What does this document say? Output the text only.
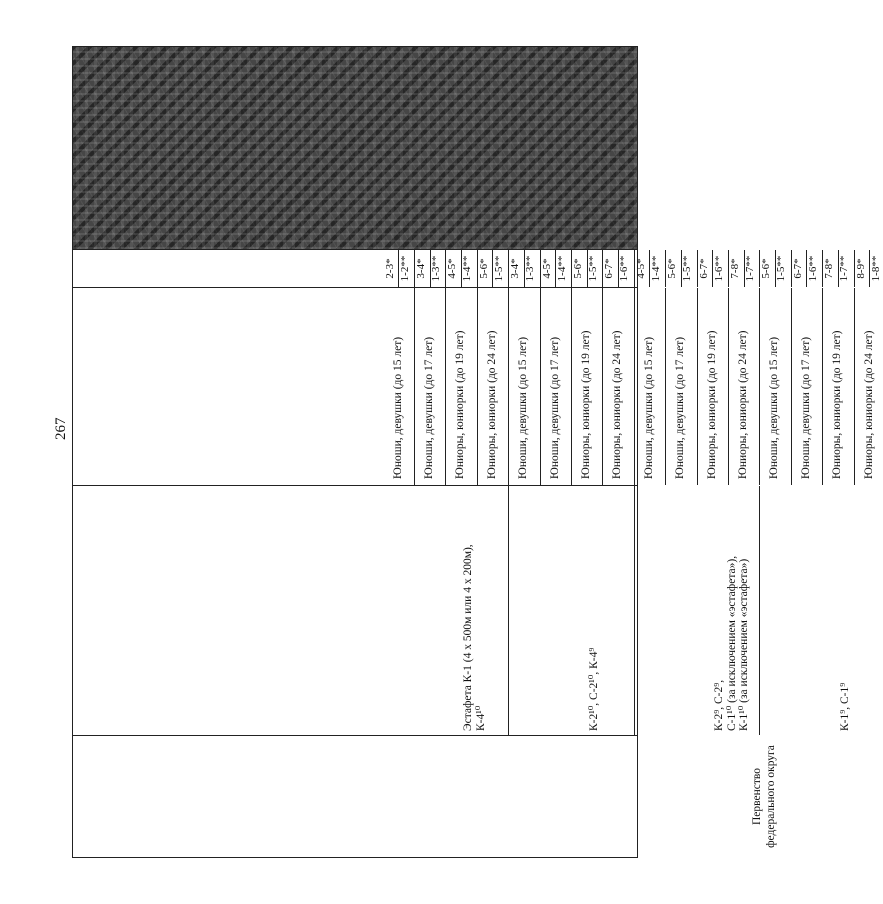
267
Первенство федерального округа
К-1⁹, С-1⁹
К-2⁹, С-2⁹,
С-1¹⁰ (за исключением «эстафета»),
К-1¹⁰ (за исключением «эстафета»)
К-2¹⁰, С-2¹⁰, К-4⁹
Эстафета К-1 (4 х 500м или 4 х 200м),
К-4¹⁰
Юниоры, юниорки (до 24 лет)
Юниоры, юниорки (до 19 лет)
Юноши, девушки (до 17 лет)
Юноши, девушки (до 15 лет)
Юниоры, юниорки (до 24 лет)
Юниоры, юниорки (до 19 лет)
Юноши, девушки (до 17 лет)
Юноши, девушки (до 15 лет)
Юниоры, юниорки (до 24 лет)
Юниоры, юниорки (до 19 лет)
Юноши, девушки (до 17 лет)
Юноши, девушки (до 15 лет)
Юниоры, юниорки (до 24 лет)
Юниоры, юниорки (до 19 лет)
Юноши, девушки (до 17 лет)
Юноши, девушки (до 15 лет)
8-9* 1-8**
7-8* 1-7**
6-7* 1-6**
5-6* 1-5**
7-8* 1-7**
6-7* 1-6**
5-6* 1-5**
4-5* 1-4**
6-7* 1-6**
5-6* 1-5**
4-5* 1-4**
3-4* 1-3**
5-6* 1-5**
4-5* 1-4**
3-4* 1-3**
2-3* 1-2**
